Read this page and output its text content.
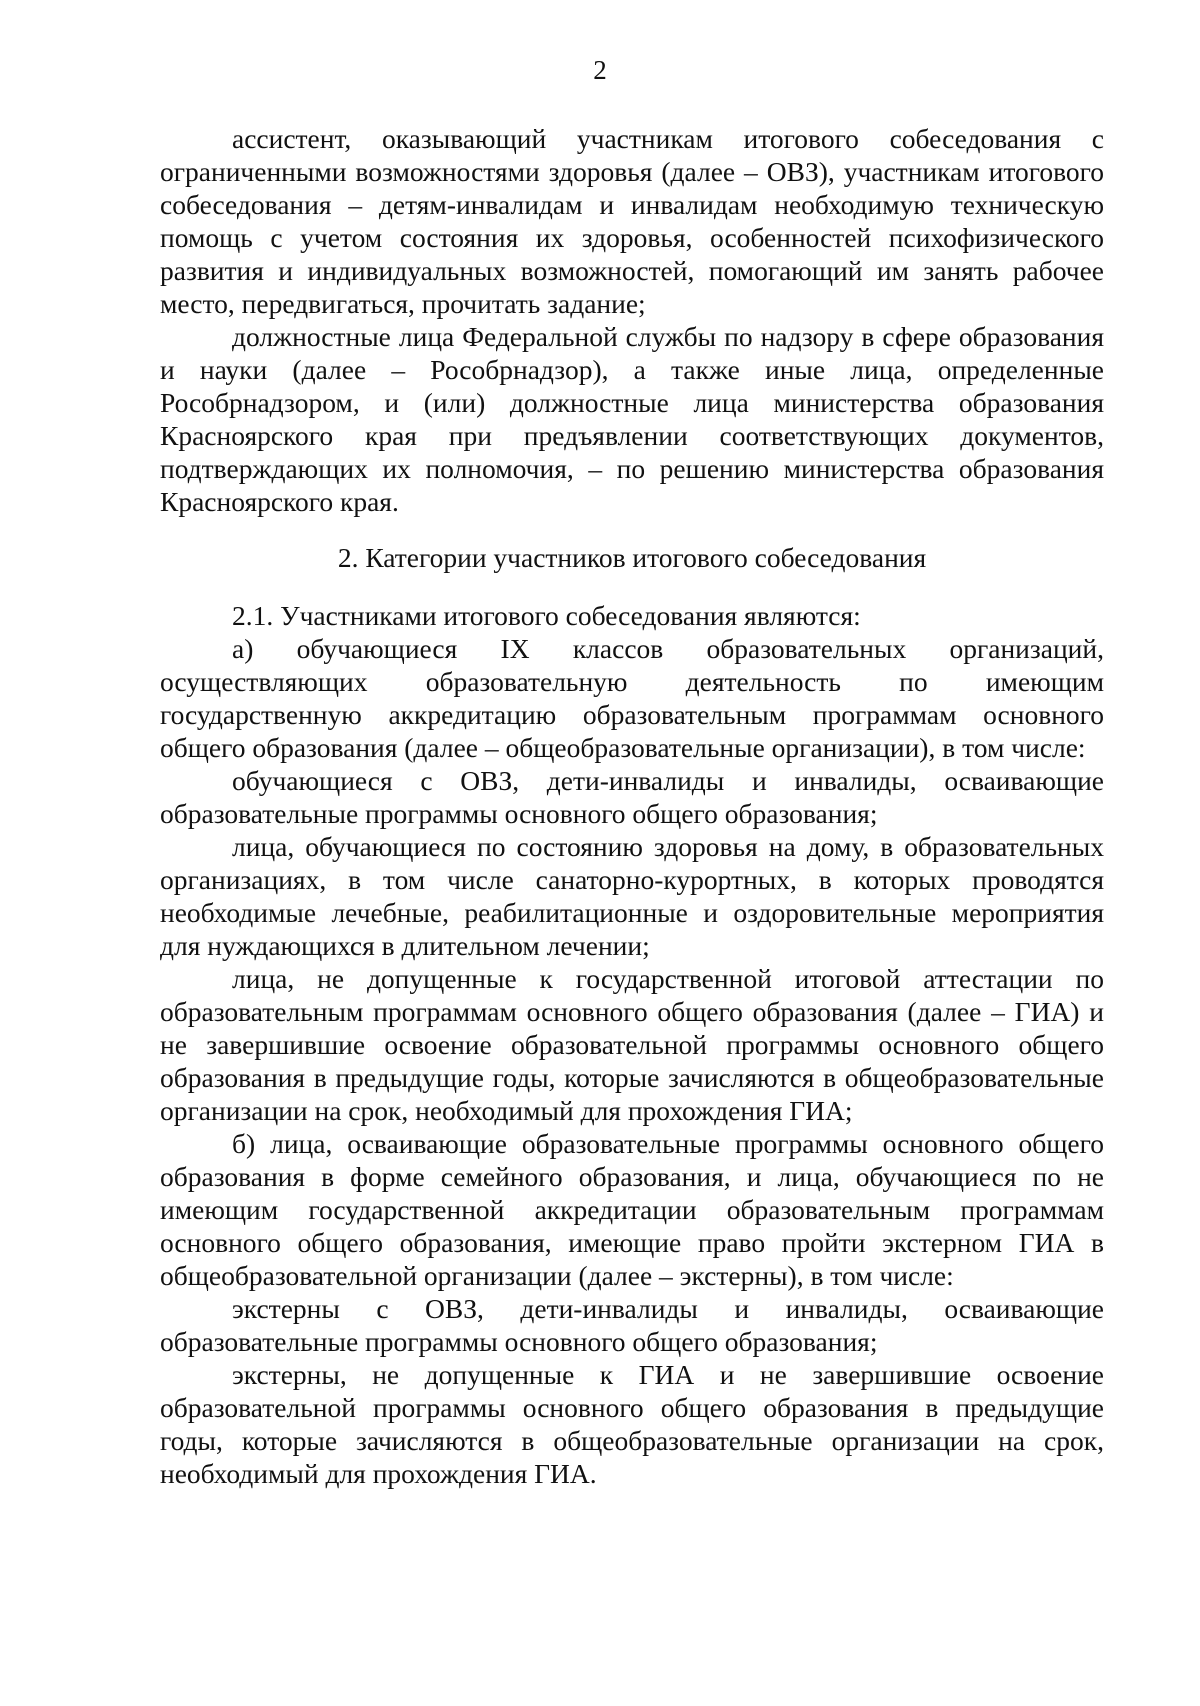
2

ассистент, оказывающий участникам итогового собеседования с ограниченными возможностями здоровья (далее – ОВЗ), участникам итогового собеседования – детям-инвалидам и инвалидам необходимую техническую помощь с учетом состояния их здоровья, особенностей психофизического развития и индивидуальных возможностей, помогающий им занять рабочее место, передвигаться, прочитать задание;

должностные лица Федеральной службы по надзору в сфере образования и науки (далее – Рособрнадзор), а также иные лица, определенные Рособрнадзором, и (или) должностные лица министерства образования Красноярского края при предъявлении соответствующих документов, подтверждающих их полномочия, – по решению министерства образования Красноярского края.

2. Категории участников итогового собеседования

2.1. Участниками итогового собеседования являются:

а) обучающиеся IX классов образовательных организаций, осуществляющих образовательную деятельность по имеющим государственную аккредитацию образовательным программам основного общего образования (далее – общеобразовательные организации), в том числе:

обучающиеся с ОВЗ, дети-инвалиды и инвалиды, осваивающие образовательные программы основного общего образования;

лица, обучающиеся по состоянию здоровья на дому, в образовательных организациях, в том числе санаторно-курортных, в которых проводятся необходимые лечебные, реабилитационные и оздоровительные мероприятия для нуждающихся в длительном лечении;

лица, не допущенные к государственной итоговой аттестации по образовательным программам основного общего образования (далее – ГИА) и не завершившие освоение образовательной программы основного общего образования в предыдущие годы, которые зачисляются в общеобразовательные организации на срок, необходимый для прохождения ГИА;

б) лица, осваивающие образовательные программы основного общего образования в форме семейного образования, и лица, обучающиеся по не имеющим государственной аккредитации образовательным программам основного общего образования, имеющие право пройти экстерном ГИА в общеобразовательной организации (далее – экстерны), в том числе:

экстерны с ОВЗ, дети-инвалиды и инвалиды, осваивающие образовательные программы основного общего образования;

экстерны, не допущенные к ГИА и не завершившие освоение образовательной программы основного общего образования в предыдущие годы, которые зачисляются в общеобразовательные организации на срок, необходимый для прохождения ГИА.
